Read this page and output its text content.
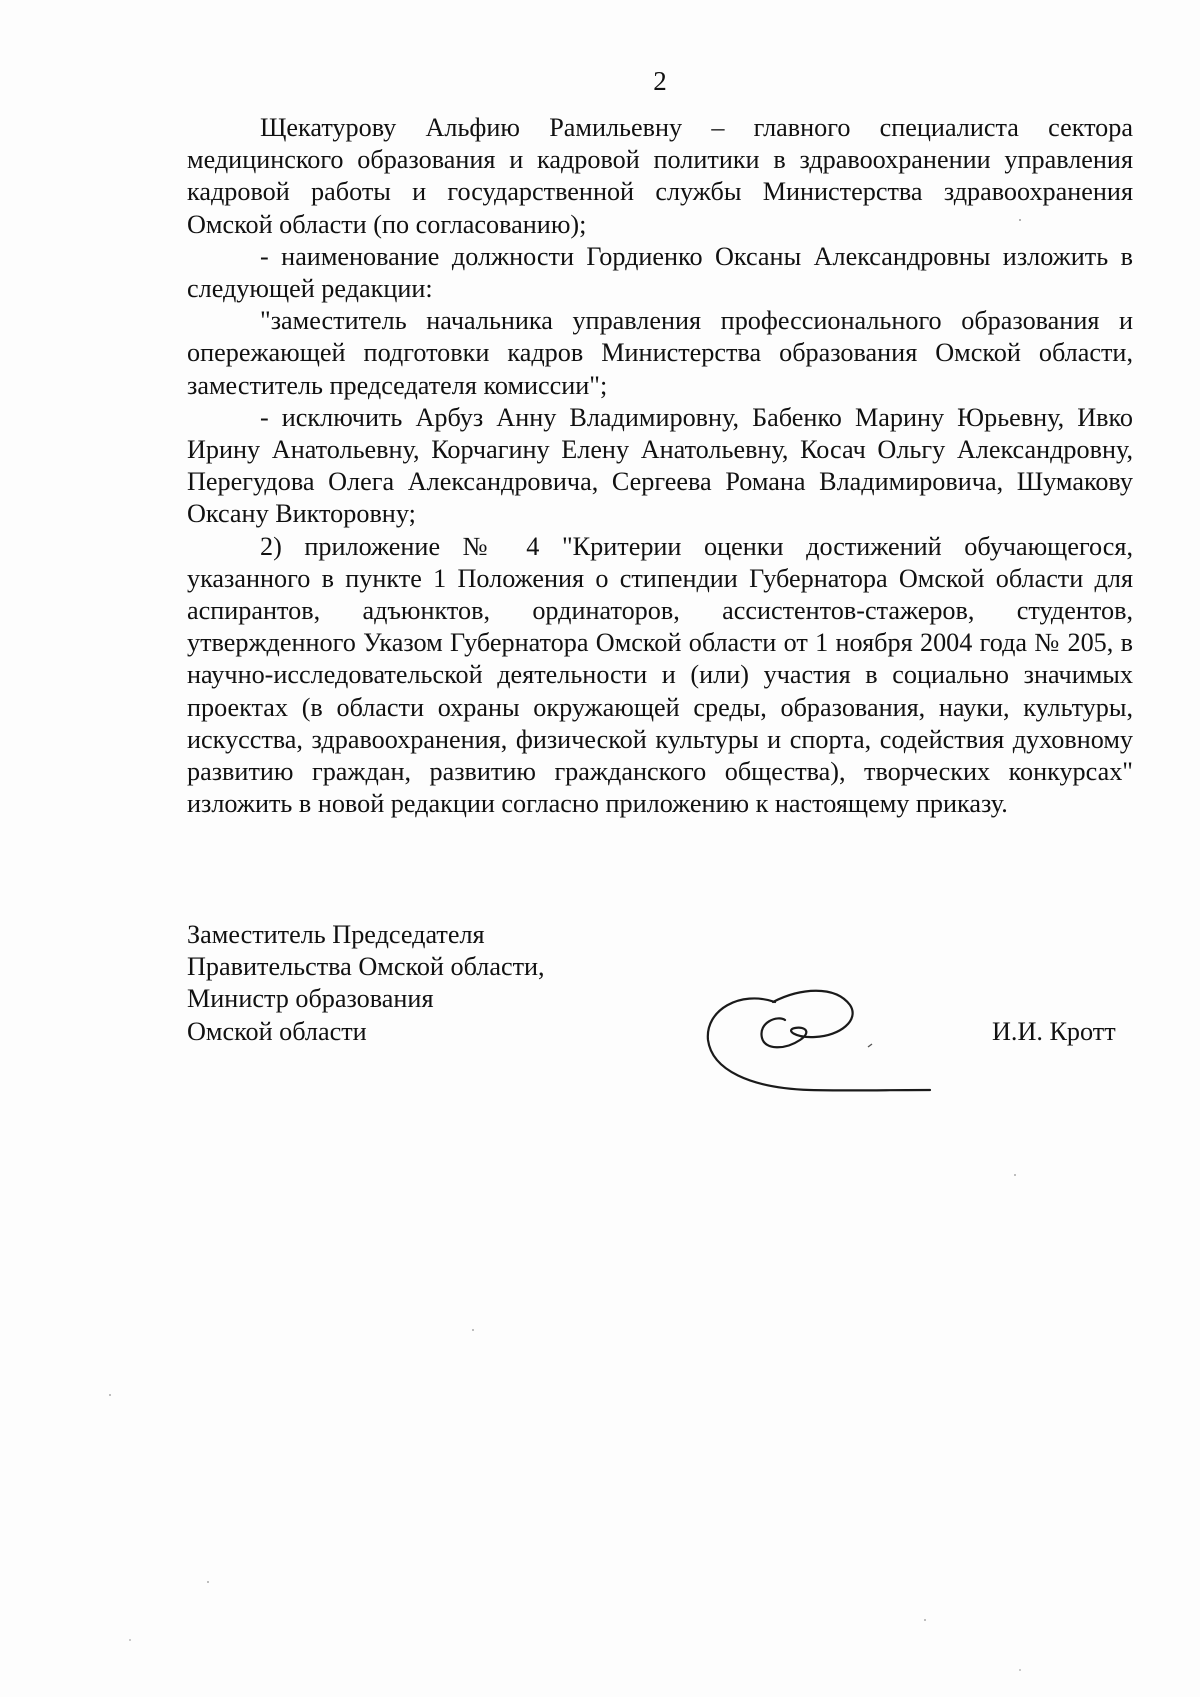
2

Щекатурову Альфию Рамильевну – главного специалиста сектора медицинского образования и кадровой политики в здравоохранении управления кадровой работы и государственной службы Министерства здравоохранения Омской области (по согласованию);

- наименование должности Гордиенко Оксаны Александровны изложить в следующей редакции:

"заместитель начальника управления профессионального образования и опережающей подготовки кадров Министерства образования Омской области, заместитель председателя комиссии";

- исключить Арбуз Анну Владимировну, Бабенко Марину Юрьевну, Ивко Ирину Анатольевну, Корчагину Елену Анатольевну, Косач Ольгу Александровну, Перегудова Олега Александровича, Сергеева Романа Владимировича, Шумакову Оксану Викторовну;

2) приложение № 4 "Критерии оценки достижений обучающегося, указанного в пункте 1 Положения о стипендии Губернатора Омской области для аспирантов, адъюнктов, ординаторов, ассистентов-стажеров, студентов, утвержденного Указом Губернатора Омской области от 1 ноября 2004 года № 205, в научно-исследовательской деятельности и (или) участия в социально значимых проектах (в области охраны окружающей среды, образования, науки, культуры, искусства, здравоохранения, физической культуры и спорта, содействия духовному развитию граждан, развитию гражданского общества), творческих конкурсах" изложить в новой редакции согласно приложению к настоящему приказу.

Заместитель Председателя
Правительства Омской области,
Министр образования
Омской области	И.И. Кротт
